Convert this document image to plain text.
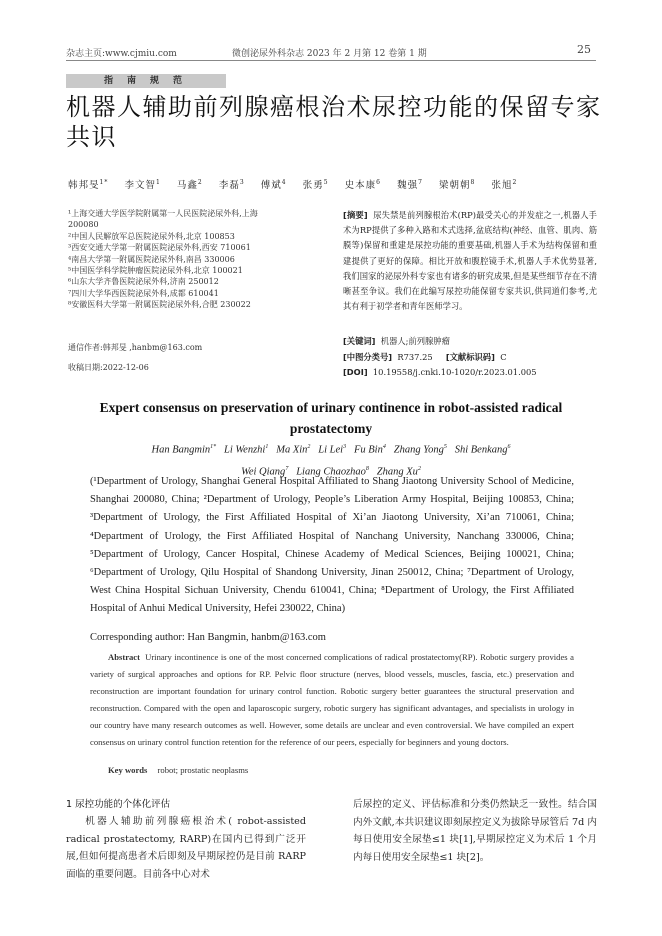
杂志主页:www.cjmiu.com	微创泌尿外科杂志 2023 年 2 月第 12 卷第 1 期	25
指南规范
机器人辅助前列腺癌根治术尿控功能的保留专家共识
韩邦旻$^{1*}$ 李文智$^1$ 马鑫$^2$ 李磊$^3$ 傅斌$^4$ 张勇$^5$ 史本康$^6$ 魏强$^7$ 梁朝朝$^8$ 张旭$^2$
¹上海交通大学医学院附属第一人民医院泌尿外科,上海 200080
²中国人民解放军总医院泌尿外科,北京 100853
³西安交通大学第一附属医院泌尿外科,西安 710061
⁴南昌大学第一附属医院泌尿外科,南昌 330006
⁵中国医学科学院肿瘤医院泌尿外科,北京 100021
⁶山东大学齐鲁医院泌尿外科,济南 250012
⁷四川大学华西医院泌尿外科,成都 610041
⁸安徽医科大学第一附属医院泌尿外科,合肥 230022
通信作者:韩邦旻 ,hanbm@163.com
收稿日期:2022-12-06
[摘要] 尿失禁是前列腺根治术(RP)最受关心的并发症之一,机器人手术为RP提供了多种入路和术式选择,盆底结构(神经、血管、肌肉、筋膜等)保留和重建是尿控功能的重要基础,机器人手术为结构保留和重建提供了更好的保障。相比开放和腹腔镜手术,机器人手术优势显著,我们国家的泌尿外科专家也有诸多的研究成果,但是某些细节存在不清晰甚至争议。我们在此编写尿控功能保留专家共识,供同道们参考,尤其有利于初学者和青年医师学习。
[关键词] 机器人;前列腺肿瘤
[中图分类号] R737.25 [文献标识码] C
[DOI] 10.19558/j.cnki.10-1020/r.2023.01.005
Expert consensus on preservation of urinary continence in robot-assisted radical prostatectomy
Han Bangmin$^{1*}$ Li Wenzhi$^1$ Ma Xin$^2$ Li Lei$^3$ Fu Bin$^4$ Zhang Yong$^5$ Shi Benkang$^6$
Wei Qiang$^7$ Liang Chaozhao$^8$ Zhang Xu$^2$
(¹Department of Urology, Shanghai General Hospital Affiliated to Shang Jiaotong University School of Medicine, Shanghai 200080, China; ²Department of Urology, People’s Liberation Army Hospital, Beijing 100853, China; ³Department of Urology, the First Affiliated Hospital of Xi’an Jiaotong University, Xi’an 710061, China; ⁴Department of Urology, the First Affiliated Hospital of Nanchang University, Nanchang 330006, China; ⁵Department of Urology, Cancer Hospital, Chinese Academy of Medical Sciences, Beijing 100021, China; ⁶Department of Urology, Qilu Hospital of Shandong University, Jinan 250012, China; ⁷Department of Urology, West China Hospital Sichuan University, Chendu 610041, China; ⁸Department of Urology, the First Affiliated Hospital of Anhui Medical University, Hefei 230022, China)
Corresponding author: Han Bangmin, hanbm@163.com
Abstract Urinary incontinence is one of the most concerned complications of radical prostatectomy(RP). Robotic surgery provides a variety of surgical approaches and options for RP. Pelvic floor structure (nerves, blood vessels, muscles, fascia, etc.) preservation and reconstruction are important foundation for urinary control function. Robotic surgery better guarantees the structural preservation and reconstruction. Compared with the open and laparoscopic surgery, robotic surgery has significant advantages, and specialists in urology in our country have many research outcomes as well. However, some details are unclear and even controversial. We have compiled an expert consensus on urinary control function retention for the reference of our peers, especially for beginners and young doctors.
Key words robot; prostatic neoplasms
1 尿控功能的个体化评估
机器人辅助前列腺癌根治术( robot-assisted radical prostatectomy, RARP)在国内已得到广泛开展,但如何提高患者术后即刻及早期尿控仍是目前 RARP 面临的重要问题。目前各中心对术
后尿控的定义、评估标准和分类仍然缺乏一致性。结合国内外文献,本共识建议即刻尿控定义为拔除导尿管后 7d 内每日使用安全尿垫≤1 块[1],早期尿控定义为术后 1 个月内每日使用安全尿垫≤1 块[2]。
